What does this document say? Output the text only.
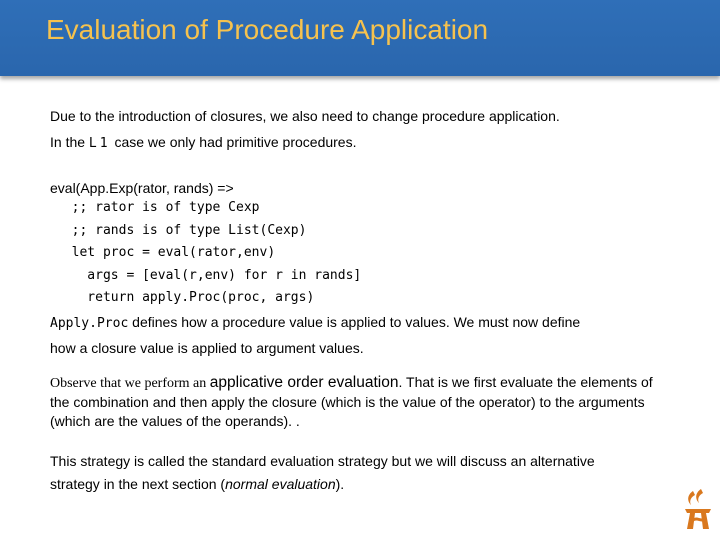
Evaluation of Procedure Application

Due to the introduction of closures, we also need to change procedure application.

In the L1 case we only had primitive procedures.

eval(App.Exp(rator, rands) =>

;; rator is of type Cexp

;; rands is of type List(Cexp)

let proc = eval(rator,env)

args = [eval(r,env) for r in rands]

return apply.Proc(proc, args)

Apply.Proc defines how a procedure value is applied to values. We must now define

how a closure value is applied to argument values.

Observe that we perform an applicative order evaluation. That is we first evaluate the elements of the combination and then apply the closure (which is the value of the operator) to the arguments (which are the values of the operands). .

This strategy is called the standard evaluation strategy but we will discuss an alternative strategy in the next section (normal evaluation).
